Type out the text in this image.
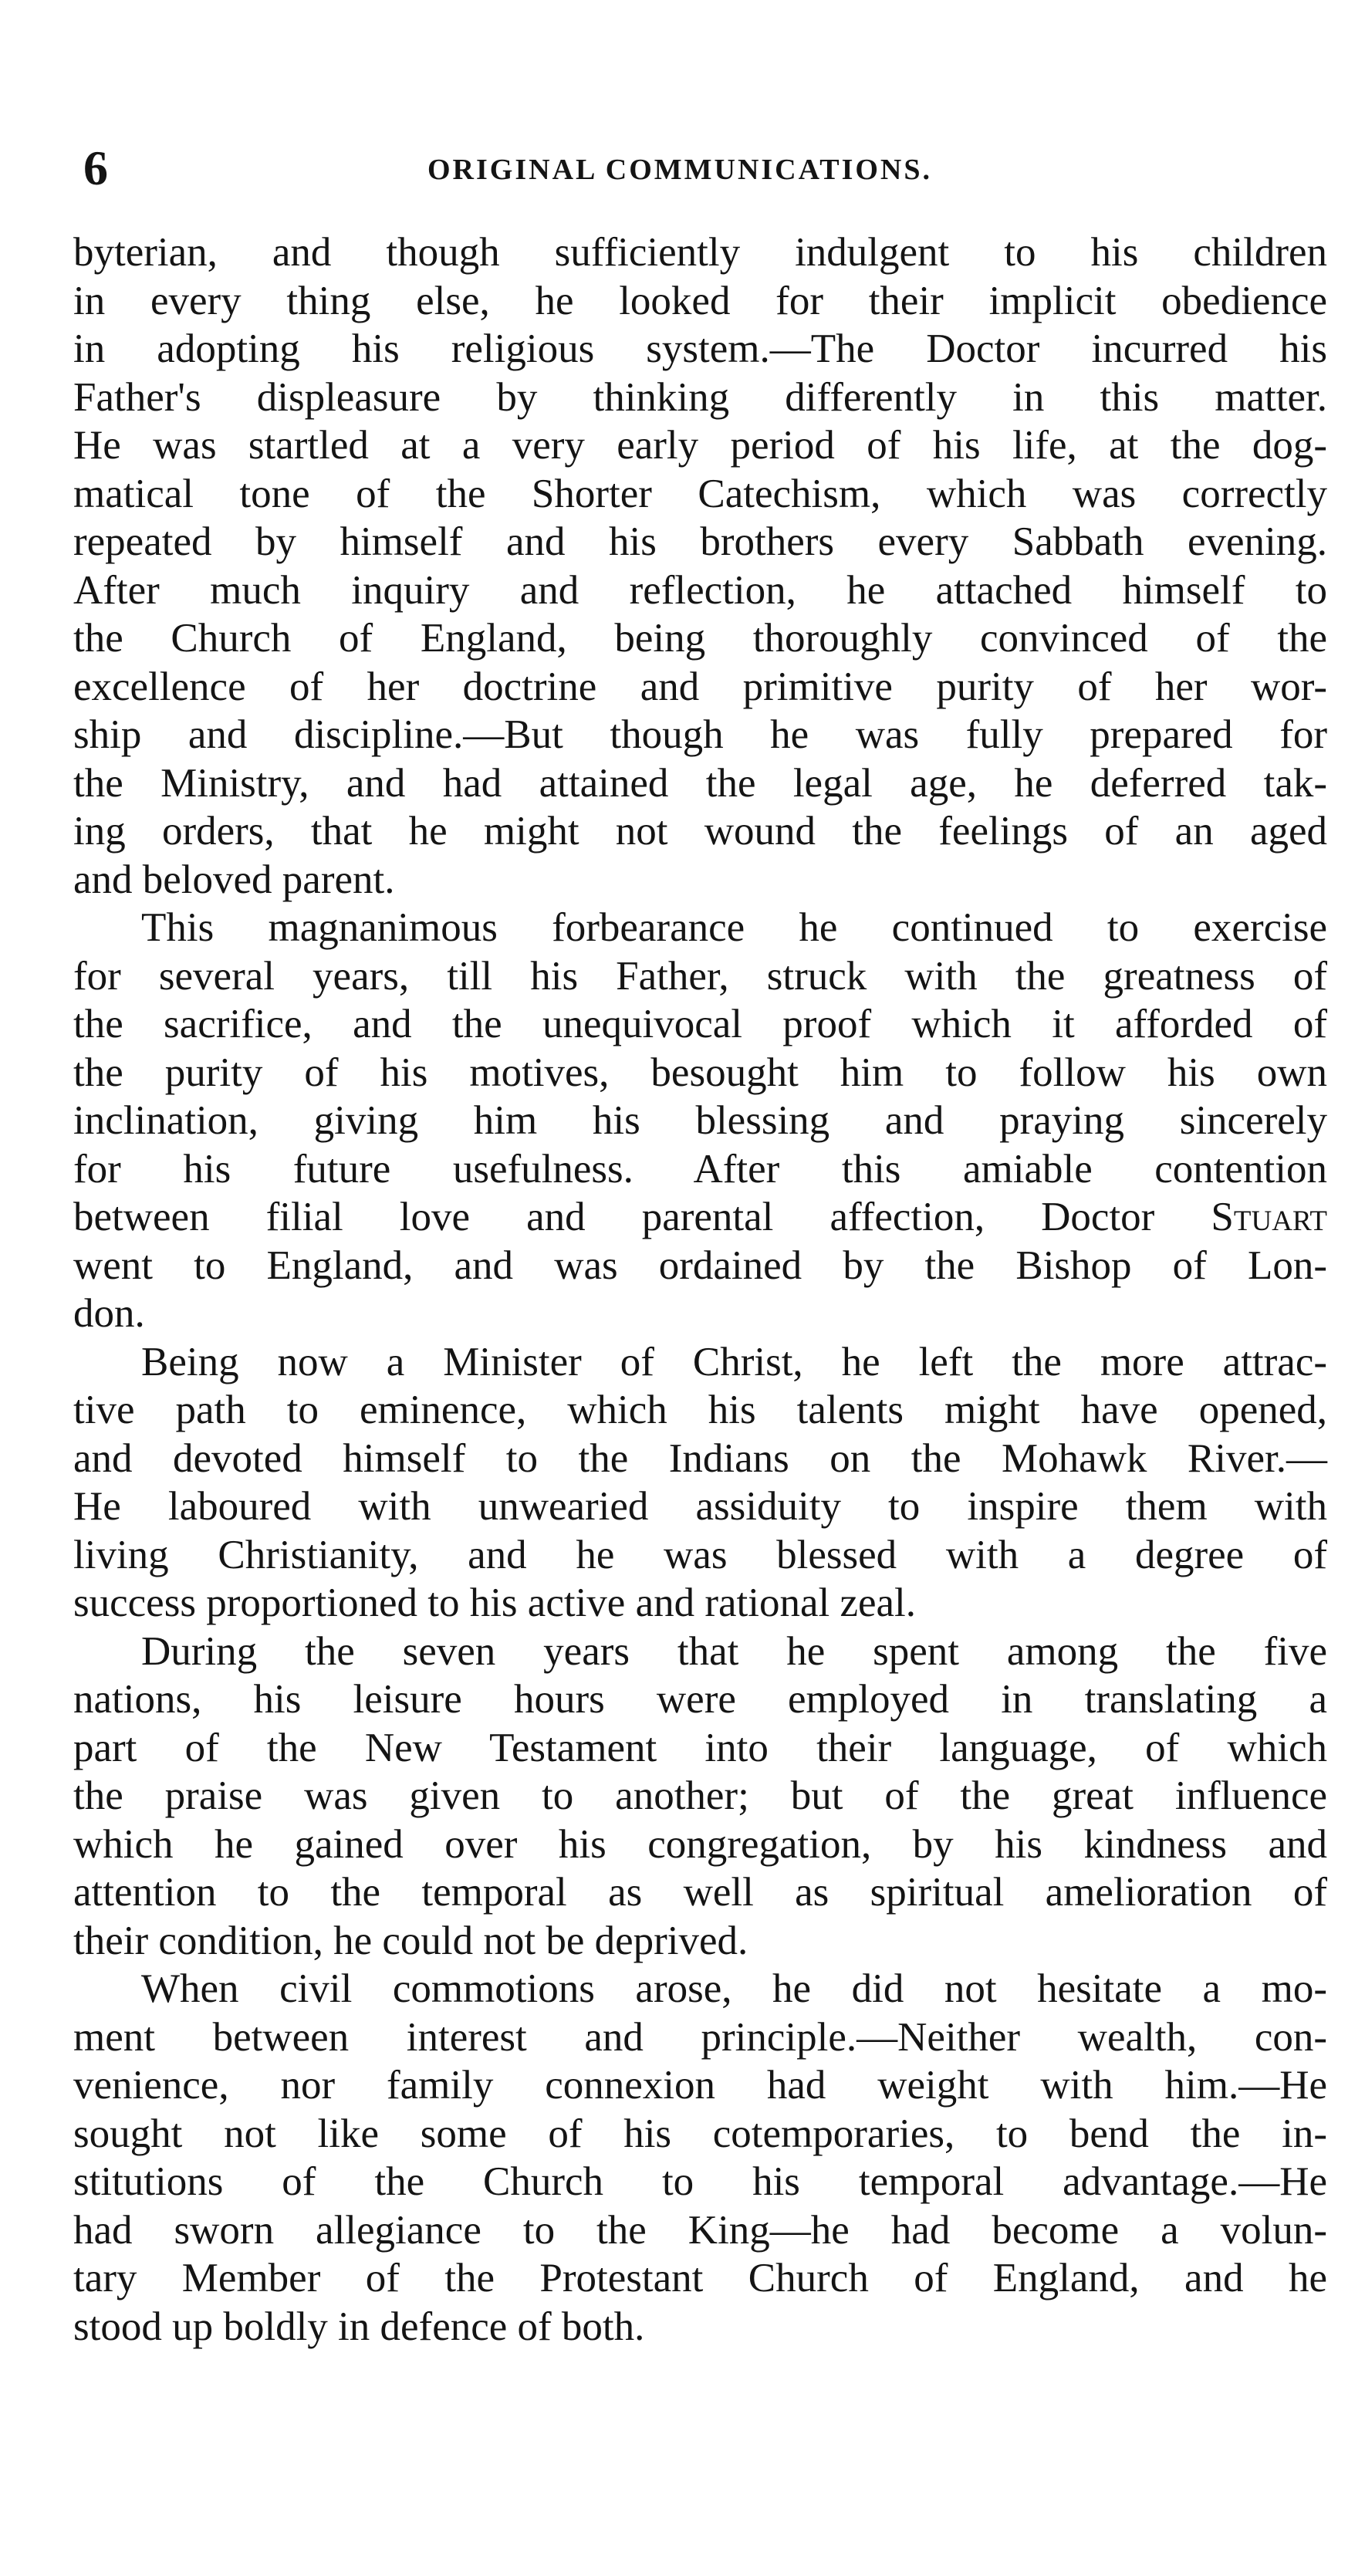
6	ORIGINAL COMMUNICATIONS.
byterian, and though sufficiently indulgent to his children
in every thing else, he looked for their implicit obedience
in adopting his religious system.—The Doctor incurred his
Father's displeasure by thinking differently in this matter.
He was startled at a very early period of his life, at the dog-
matical tone of the Shorter Catechism, which was correctly
repeated by himself and his brothers every Sabbath evening.
After much inquiry and reflection, he attached himself to
the Church of England, being thoroughly convinced of the
excellence of her doctrine and primitive purity of her wor-
ship and discipline.—But though he was fully prepared for
the Ministry, and had attained the legal age, he deferred tak-
ing orders, that he might not wound the feelings of an aged
and beloved parent.
This magnanimous forbearance he continued to exercise
for several years, till his Father, struck with the greatness of
the sacrifice, and the unequivocal proof which it afforded of
the purity of his motives, besought him to follow his own
inclination, giving him his blessing and praying sincerely
for his future usefulness. After this amiable contention
between filial love and parental affection, Doctor Stuart
went to England, and was ordained by the Bishop of Lon-
don.
Being now a Minister of Christ, he left the more attrac-
tive path to eminence, which his talents might have opened,
and devoted himself to the Indians on the Mohawk River.—
He laboured with unwearied assiduity to inspire them with
living Christianity, and he was blessed with a degree of
success proportioned to his active and rational zeal.
During the seven years that he spent among the five
nations, his leisure hours were employed in translating a
part of the New Testament into their language, of which
the praise was given to another; but of the great influence
which he gained over his congregation, by his kindness and
attention to the temporal as well as spiritual amelioration of
their condition, he could not be deprived.
When civil commotions arose, he did not hesitate a mo-
ment between interest and principle.—Neither wealth, con-
venience, nor family connexion had weight with him.—He
sought not like some of his cotemporaries, to bend the in-
stitutions of the Church to his temporal advantage.—He
had sworn allegiance to the King—he had become a volun-
tary Member of the Protestant Church of England, and he
stood up boldly in defence of both.
